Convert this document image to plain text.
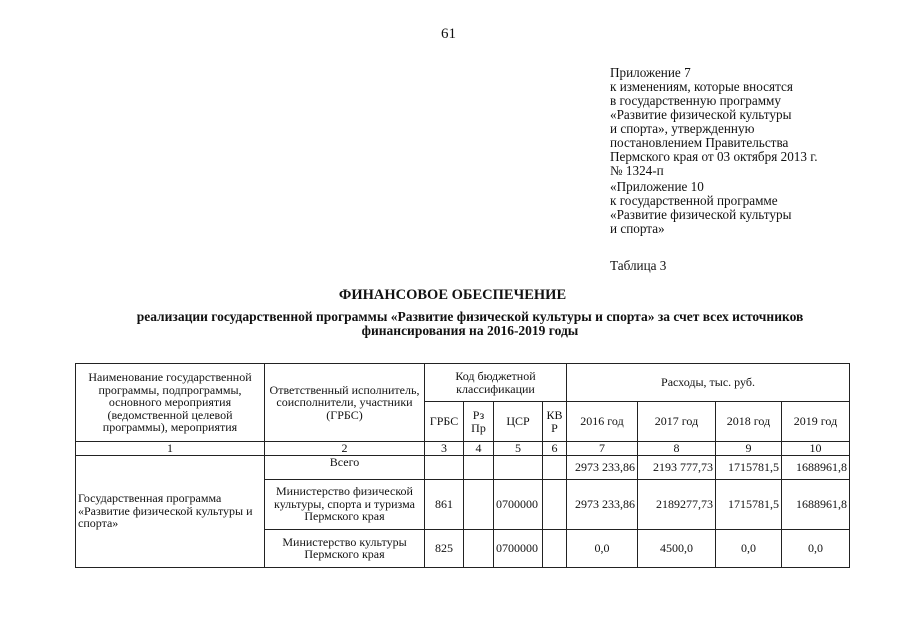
61
Приложение 7
к изменениям, которые вносятся
в государственную программу
«Развитие физической культуры
и спорта», утвержденную
постановлением Правительства
Пермского края от 03 октября 2013 г.
№ 1324-п
«Приложение 10
к государственной программе
«Развитие физической культуры
и спорта»
Таблица 3
ФИНАНСОВОЕ ОБЕСПЕЧЕНИЕ
реализации государственной программы «Развитие физической культуры и спорта» за счет всех источников
финансирования на 2016-2019 годы
Наименование государственной программы, подпрограммы, основного мероприятия (ведомственной целевой программы), мероприятия	Ответственный исполнитель, соисполнители, участники (ГРБС)	Код бюджетной классификации				Расходы, тыс. руб.			
		ГРБС	Рз Пр	ЦСР	КВ Р	2016 год	2017 год	2018 год	2019 год
1	2	3	4	5	6	7	8	9	10
Государственная программа «Развитие физической культуры и спорта»	Всего					2973 233,86	2193 777,73	1715781,5	1688961,8
	Министерство физической культуры, спорта и туризма Пермского края	861		0700000		2973 233,86	2189277,73	1715781,5	1688961,8
	Министерство культуры Пермского края	825		0700000		0,0	4500,0	0,0	0,0
